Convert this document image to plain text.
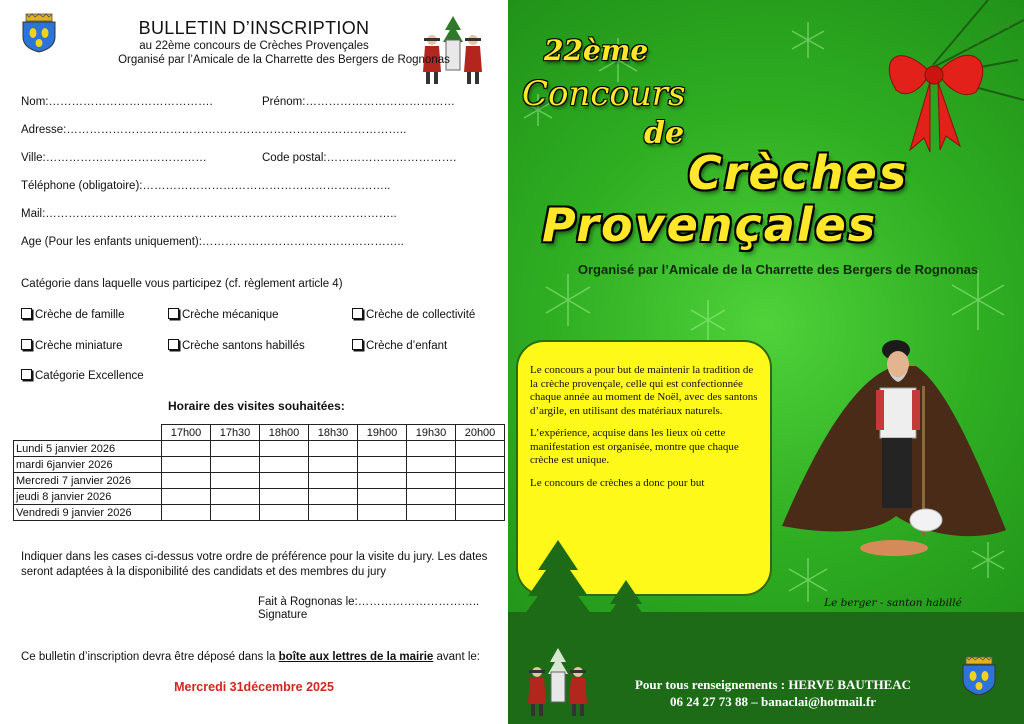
BULLETIN D’INSCRIPTION
au 22ème concours de Crèches Provençales
Organisé par l’Amicale de la Charrette des Bergers de Rognonas
Nom:…………………………………….	Prénom:…………………………………
Adresse:……………………………………………………………………………..
Ville:……………………………………	Code postal:…………………………….
Téléphone (obligatoire):………………………………………………………..
Mail:………………………………………………………………………………..
Age (Pour les enfants uniquement):……………………………………………..
Catégorie dans laquelle vous participez (cf. règlement article 4)
Crèche de famille	Crèche mécanique	Crèche de collectivité
Crèche miniature	Crèche santons habillés	Crèche d’enfant
Catégorie Excellence
Horaire des visites souhaitées:
	17h00	17h30	18h00	18h30	19h00	19h30	20h00
Lundi 5 janvier 2026							
mardi 6janvier 2026							
Mercredi 7 janvier 2026							
jeudi 8 janvier 2026							
Vendredi 9 janvier 2026							
Indiquer dans les cases ci-dessus votre ordre de préférence pour la visite du jury. Les dates seront adaptées à la disponibilité des candidats et des membres du jury
Fait à Rognonas le:…………………………..
Signature
Ce bulletin d’inscription devra être déposé dans la boîte aux lettres de la mairie avant le:
Mercredi 31décembre 2025
22ème
Concours
de
Crèches
Provençales
Organisé par l’Amicale de la Charrette des Bergers de Rognonas

Le concours a pour but de maintenir la tradition de la crèche provençale, celle qui est confectionnée chaque année au moment de Noël, avec des santons d’argile, en utilisant des matériaux naturels.

L’expérience, acquise dans les lieux où cette manifestation est organisée, montre que chaque crèche est unique.

Le concours de crèches a donc pour but

Le berger - santon habillé
Pour tous renseignements : HERVE BAUTHEAC
06 24 27 73 88 – banaclai@hotmail.fr
